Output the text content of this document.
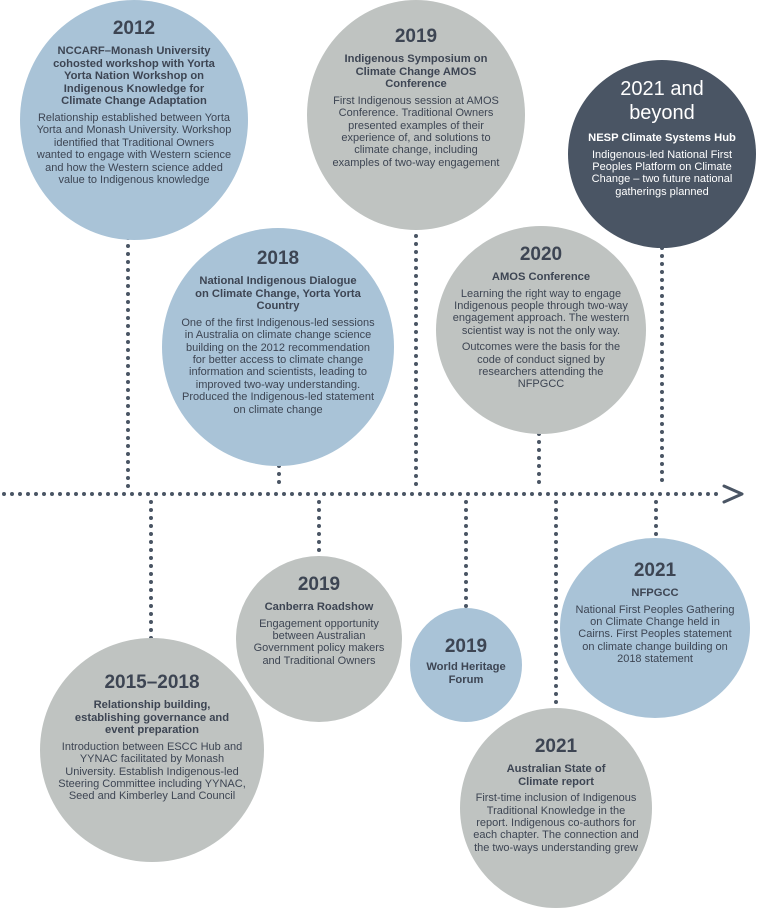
2012
NCCARF–Monash University cohosted workshop with Yorta Yorta Nation Workshop on Indigenous Knowledge for Climate Change Adaptation
Relationship established between Yorta Yorta and Monash University. Workshop identified that Traditional Owners wanted to engage with Western science and how the Western science added value to Indigenous knowledge
2019
Indigenous Symposium on Climate Change AMOS Conference
First Indigenous session at AMOS Conference. Traditional Owners presented examples of their experience of, and solutions to climate change, including examples of two-way engagement
2021 and beyond
NESP Climate Systems Hub
Indigenous-led National First Peoples Platform on Climate Change – two future national gatherings planned
2018
National Indigenous Dialogue on Climate Change, Yorta Yorta Country
One of the first Indigenous-led sessions in Australia on climate change science building on the 2012 recommendation for better access to climate change information and scientists, leading to improved two-way understanding. Produced the Indigenous-led statement on climate change
2020
AMOS Conference
Learning the right way to engage Indigenous people through two-way engagement approach. The western scientist way is not the only way.
Outcomes were the basis for the code of conduct signed by researchers attending the NFPGCC
2019
Canberra Roadshow
Engagement opportunity between Australian Government policy makers and Traditional Owners
2019
World Heritage Forum
2021
NFPGCC
National First Peoples Gathering on Climate Change held in Cairns. First Peoples statement on climate change building on 2018 statement
2015–2018
Relationship building, establishing governance and event preparation
Introduction between ESCC Hub and YYNAC facilitated by Monash University. Establish Indigenous-led Steering Committee including YYNAC, Seed and Kimberley Land Council
2021
Australian State of Climate report
First-time inclusion of Indigenous Traditional Knowledge in the report. Indigenous co-authors for each chapter. The connection and the two-ways understanding grew
